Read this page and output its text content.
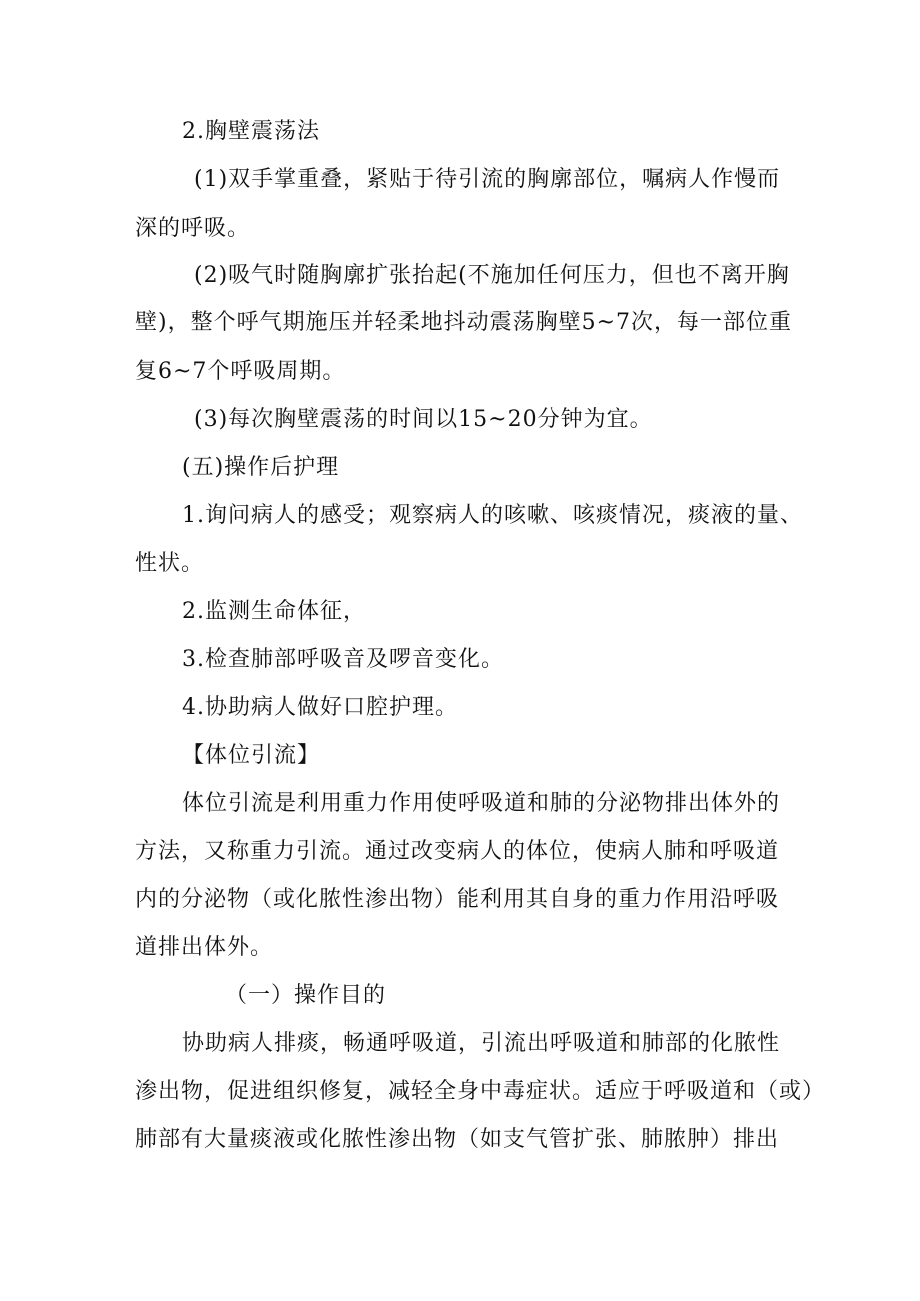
2.胸壁震荡法
(1)双手掌重叠，紧贴于待引流的胸廓部位，嘱病人作慢而
深的呼吸。
(2)吸气时随胸廓扩张抬起(不施加任何压力，但也不离开胸
壁)，整个呼气期施压并轻柔地抖动震荡胸壁5~7次，每一部位重
复6~7个呼吸周期。
(3)每次胸壁震荡的时间以15~20分钟为宜。
(五)操作后护理
1.询问病人的感受；观察病人的咳嗽、咳痰情况，痰液的量、
性状。
2.监测生命体征，
3.检查肺部呼吸音及啰音变化。
4.协助病人做好口腔护理。
【体位引流】
体位引流是利用重力作用使呼吸道和肺的分泌物排出体外的
方法，又称重力引流。通过改变病人的体位，使病人肺和呼吸道
内的分泌物（或化脓性渗出物）能利用其自身的重力作用沿呼吸
道排出体外。
（一）操作目的
协助病人排痰，畅通呼吸道，引流出呼吸道和肺部的化脓性
渗出物，促进组织修复，减轻全身中毒症状。适应于呼吸道和（或）
肺部有大量痰液或化脓性渗出物（如支气管扩张、肺脓肿）排出
